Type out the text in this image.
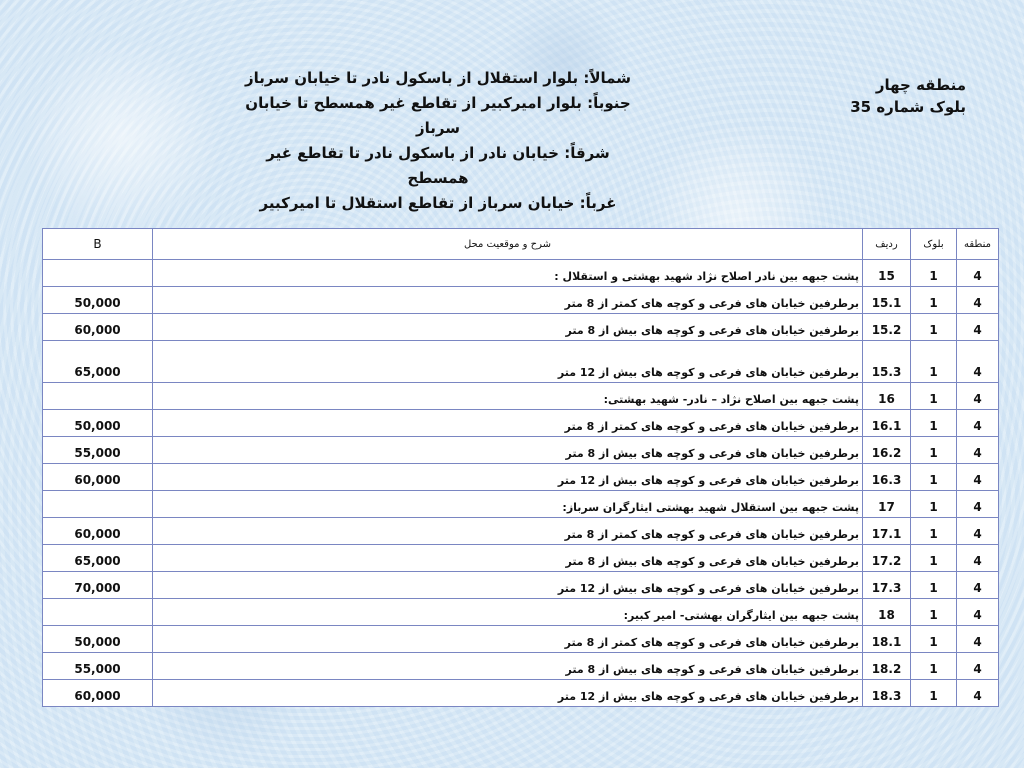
شمالاً: بلوار استقلال از باسکول نادر تا خیابان سرباز
جنوباً: بلوار امیرکبیر از تقاطع غیر همسطح تا خیابان سرباز
شرقاً: خیابان نادر از باسکول نادر تا تقاطع غیر همسطح
غرباً: خیابان سرباز از تقاطع استقلال تا امیرکبیر
منطقه چهار
بلوک شماره 35
منطقه	بلوک	ردیف	شرح و موقعیت محل	B
4	1	15	پشت جبهه بین نادر اصلاح نژاد شهید بهشتی و استقلال :	
4	1	15.1	برطرفین خیابان های فرعی و کوچه های کمتر از 8 متر	50,000
4	1	15.2	برطرفین خیابان های فرعی و کوچه های بیش از 8 متر	60,000
4	1	15.3	برطرفین خیابان های فرعی و کوچه های بیش از 12 متر	65,000
4	1	16	پشت جبهه بین اصلاح نژاد – نادر- شهید بهشتی:	
4	1	16.1	برطرفین خیابان های فرعی و کوچه های کمتر از 8 متر	50,000
4	1	16.2	برطرفین خیابان های فرعی و کوچه های بیش از 8 متر	55,000
4	1	16.3	برطرفین خیابان های فرعی و کوچه های بیش از 12 متر	60,000
4	1	17	پشت جبهه بین استقلال شهید بهشتی ایثارگران سرباز:	
4	1	17.1	برطرفین خیابان های فرعی و کوچه های کمتر از 8 متر	60,000
4	1	17.2	برطرفین خیابان های فرعی و کوچه های بیش از 8 متر	65,000
4	1	17.3	برطرفین خیابان های فرعی و کوچه های بیش از 12 متر	70,000
4	1	18	پشت جبهه بین ایثارگران بهشتی- امیر کبیر:	
4	1	18.1	برطرفین خیابان های فرعی و کوچه های کمتر از 8 متر	50,000
4	1	18.2	برطرفین خیابان های فرعی و کوچه های بیش از 8 متر	55,000
4	1	18.3	برطرفین خیابان های فرعی و کوچه های بیش از 12 متر	60,000
